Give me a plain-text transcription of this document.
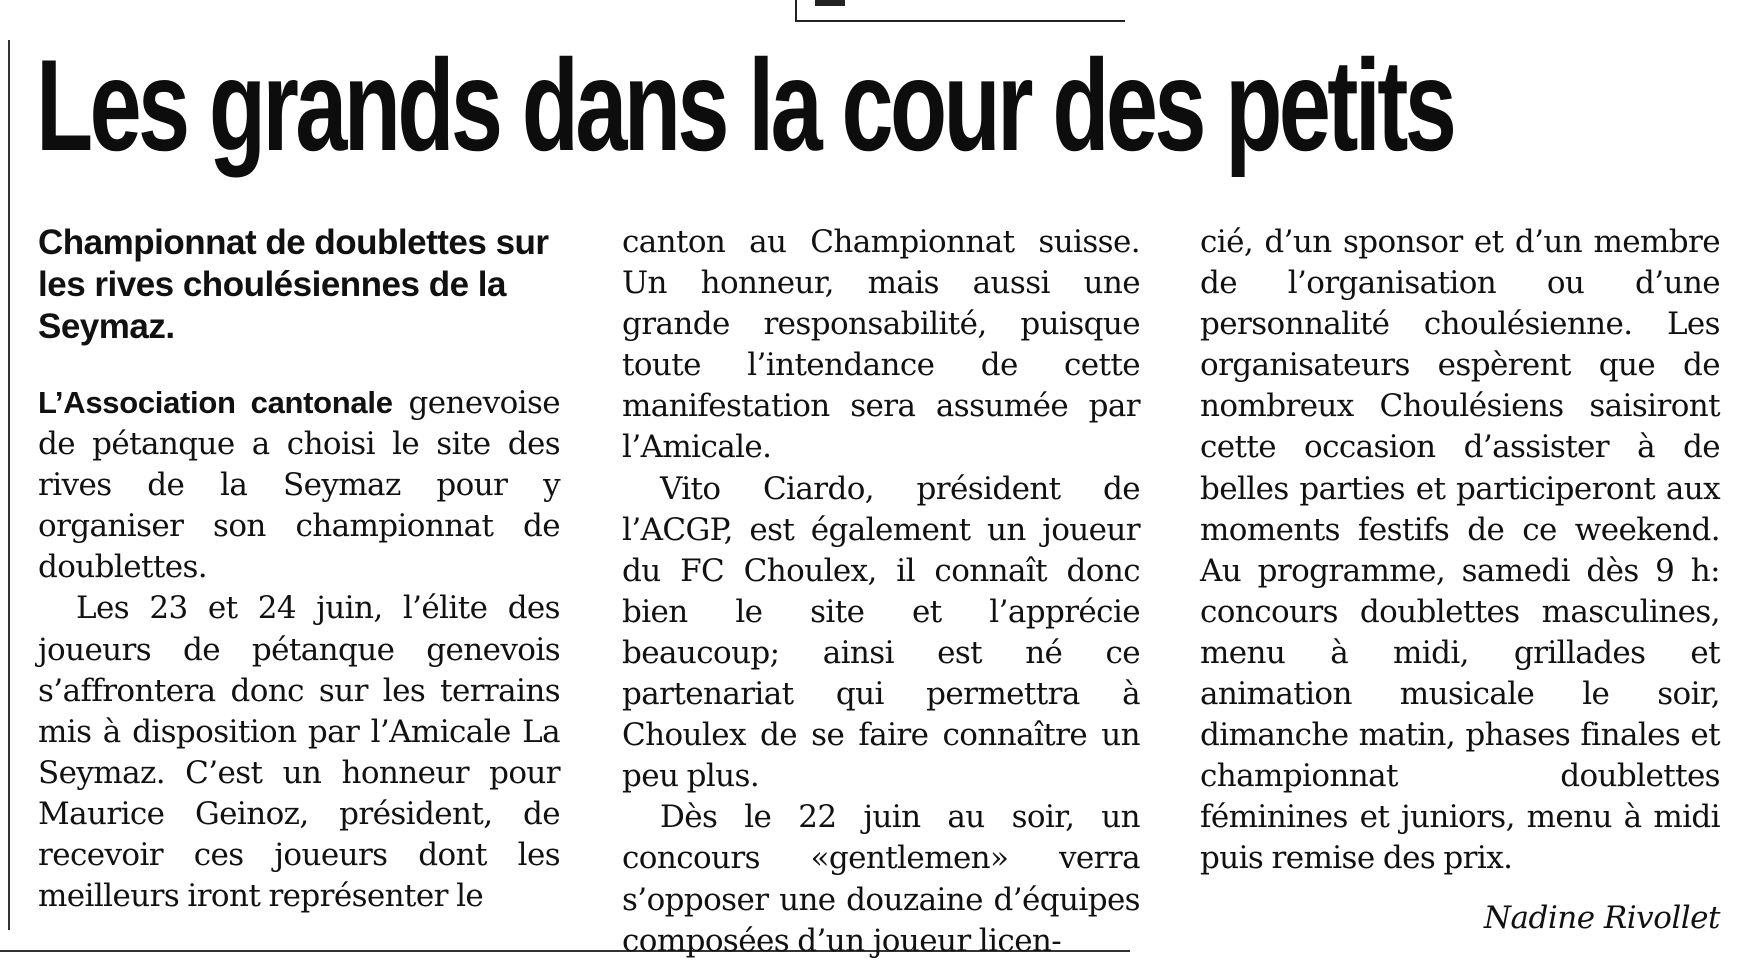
Les grands dans la cour des petits

Championnat de doublettes sur les rives choulésiennes de la Seymaz.

L’Association cantonale genevoise de pétanque a choisi le site des rives de la Seymaz pour y organiser son championnat de doublettes.

Les 23 et 24 juin, l’élite des joueurs de pétanque genevois s’affrontera donc sur les terrains mis à disposition par l’Amicale La Seymaz. C’est un honneur pour Maurice Geinoz, président, de recevoir ces joueurs dont les meilleurs iront représenter le

canton au Championnat suisse. Un honneur, mais aussi une grande responsabilité, puisque toute l’intendance de cette manifestation sera assumée par l’Amicale.

Vito Ciardo, président de l’ACGP, est également un joueur du FC Choulex, il connaît donc bien le site et l’apprécie beaucoup; ainsi est né ce partenariat qui permettra à Choulex de se faire connaître un peu plus.

Dès le 22 juin au soir, un concours «gentlemen» verra s’opposer une douzaine d’équipes composées d’un joueur licen-

cié, d’un sponsor et d’un membre de l’organisation ou d’une personnalité choulésienne. Les organisateurs espèrent que de nombreux Choulésiens saisiront cette occasion d’assister à de belles parties et participeront aux moments festifs de ce weekend. Au programme, samedi dès 9 h: concours doublettes masculines, menu à midi, grillades et animation musicale le soir, dimanche matin, phases finales et championnat doublettes féminines et juniors, menu à midi puis remise des prix.

Nadine Rivollet
